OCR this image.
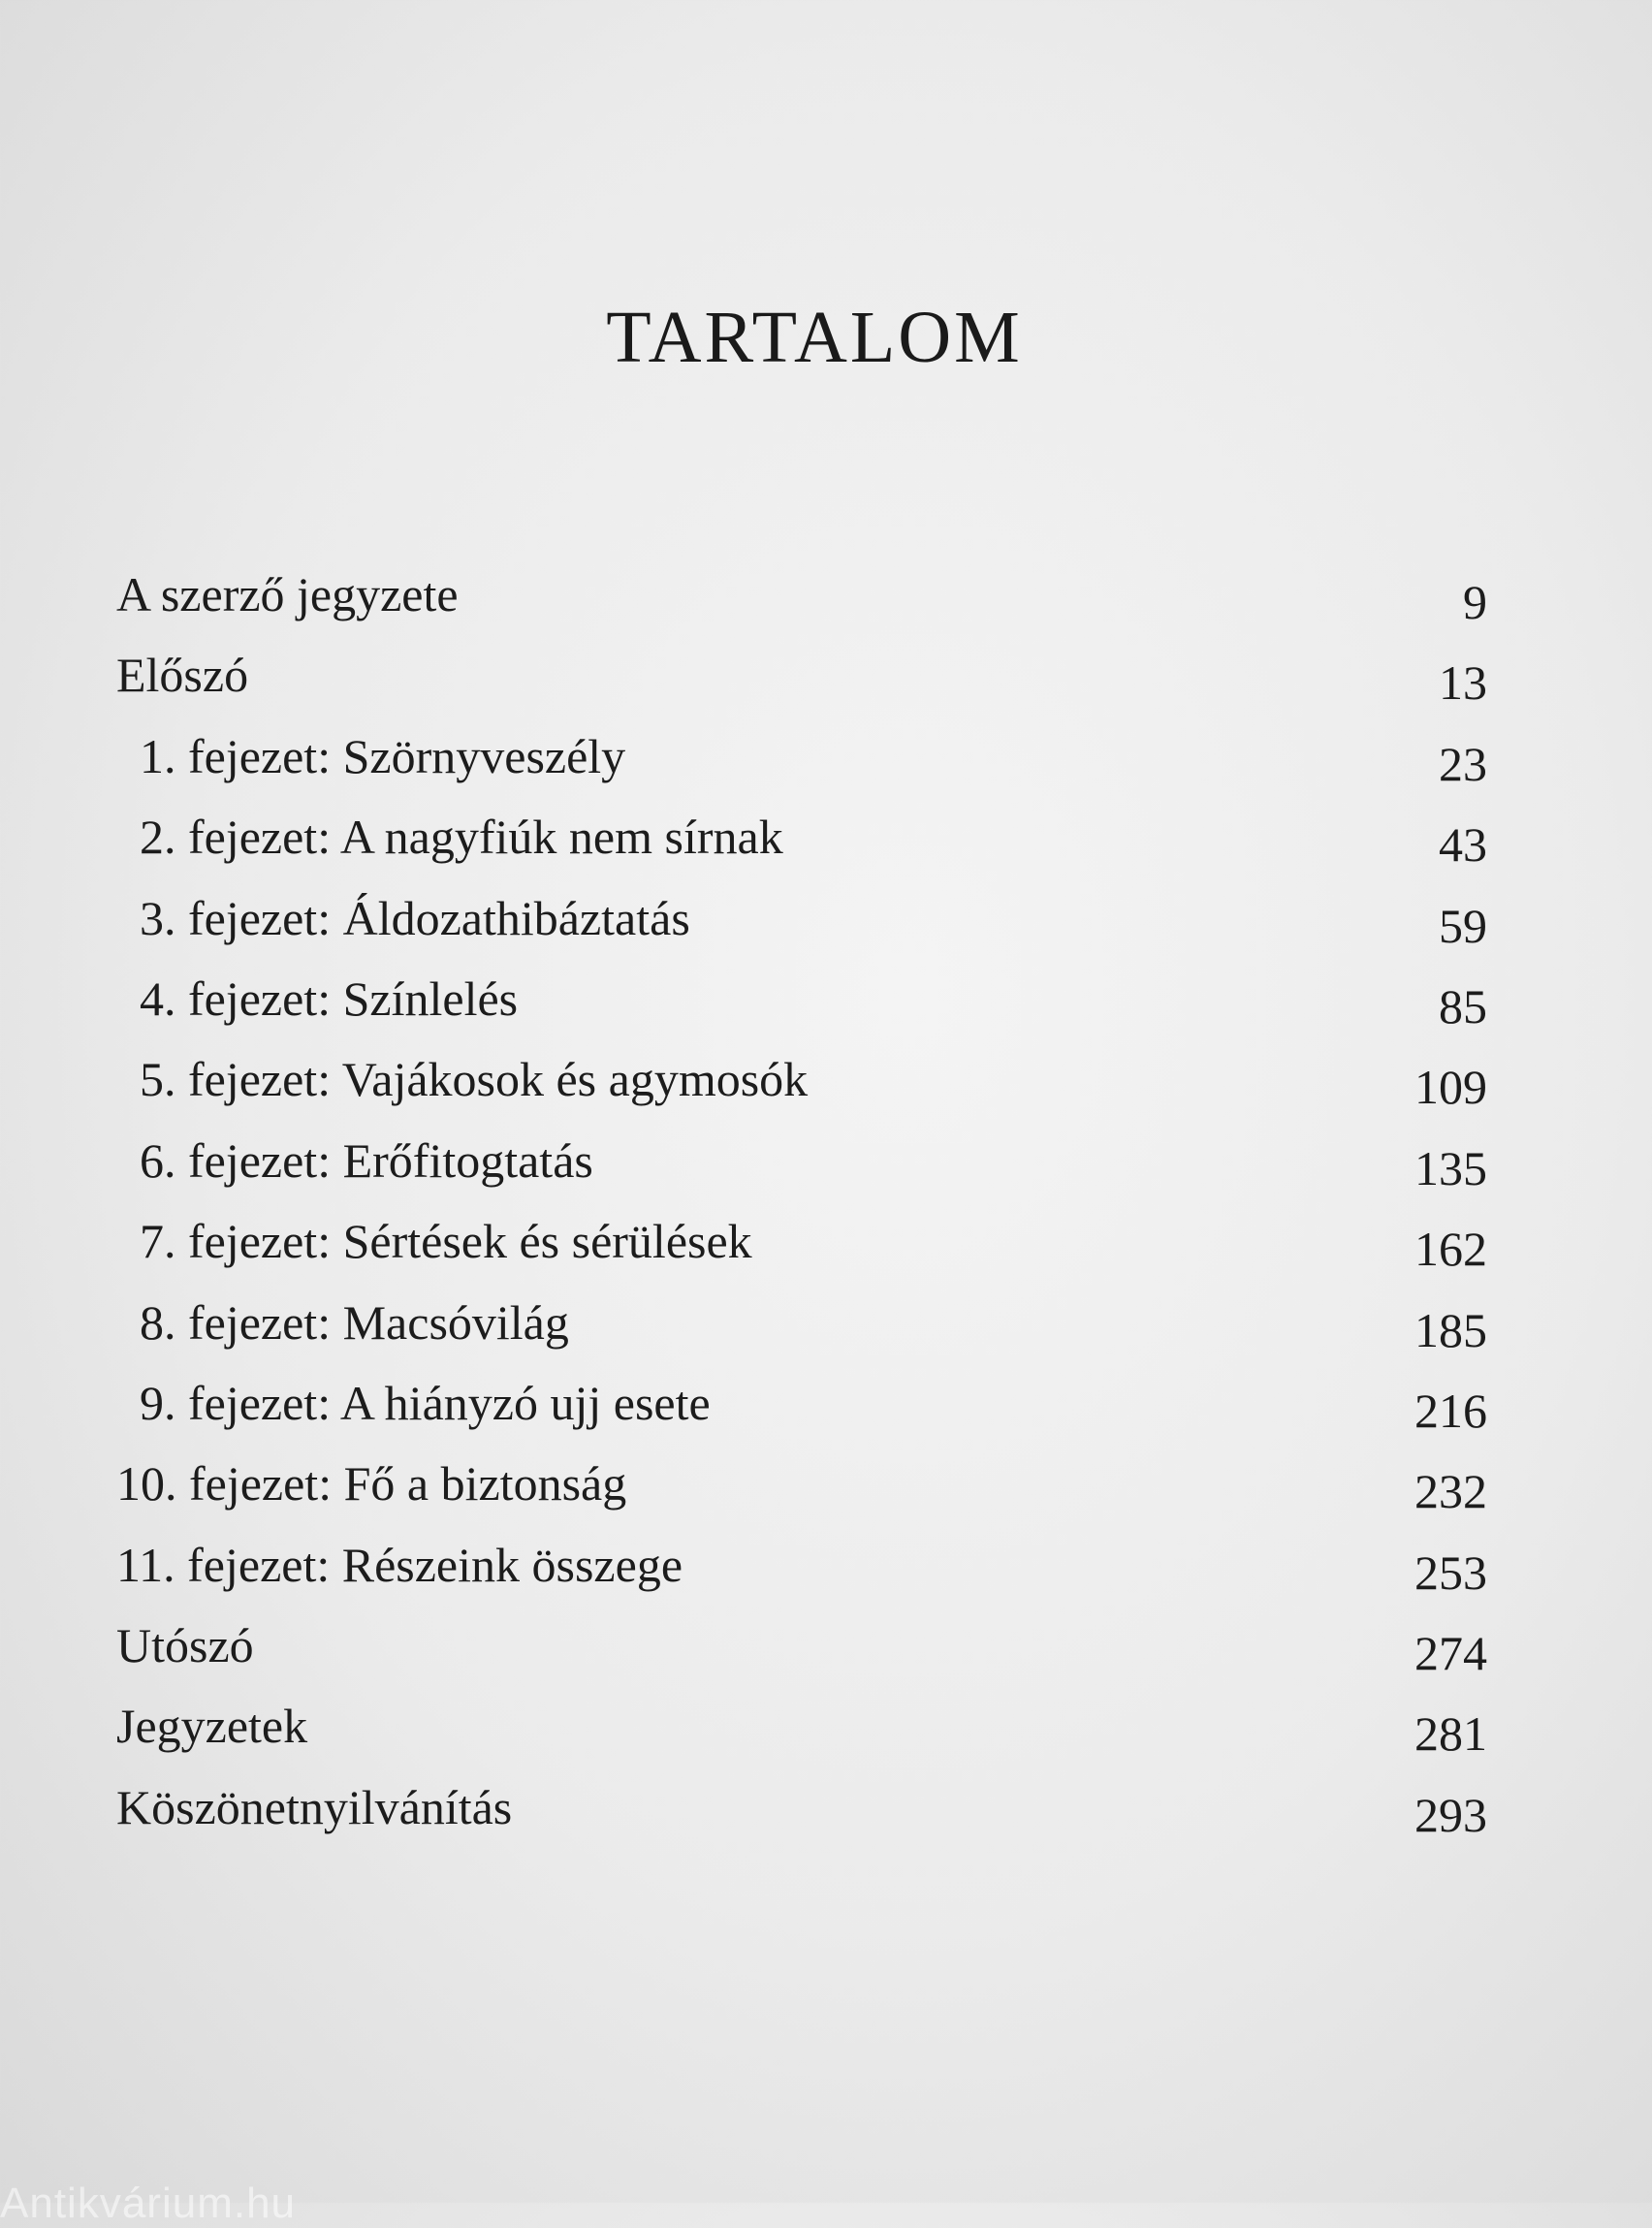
TARTALOM
A szerző jegyzete	9
Előszó	13
1. fejezet: Szörnyveszély	23
2. fejezet: A nagyfiúk nem sírnak	43
3. fejezet: Áldozathibáztatás	59
4. fejezet: Színlelés	85
5. fejezet: Vajákosok és agymosók	109
6. fejezet: Erőfitogtatás	135
7. fejezet: Sértések és sérülések	162
8. fejezet: Macsóvilág	185
9. fejezet: A hiányzó ujj esete	216
10. fejezet: Fő a biztonság	232
11. fejezet: Részeink összege	253
Utószó	274
Jegyzetek	281
Köszönetnyilvánítás	293
Antikvárium.hu
